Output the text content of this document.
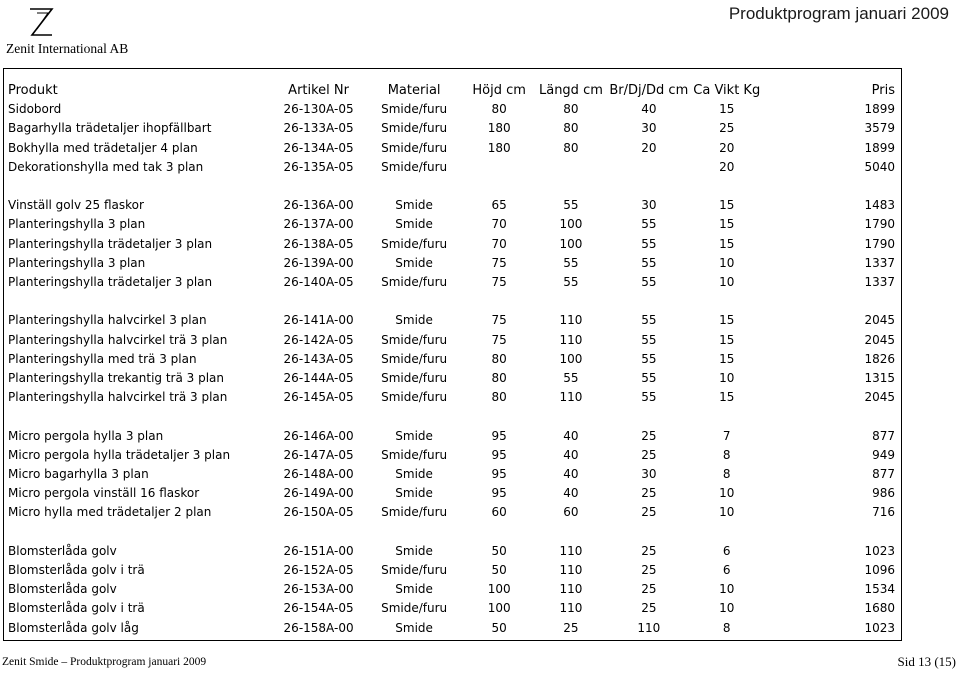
Produktprogram januari 2009
Zenit International AB
Produkt	Artikel Nr	Material	Höjd cm	Längd cm	Br/Dj/Dd cm	Ca Vikt Kg	Pris
Sidobord	26-130A-05	Smide/furu	80	80	40	15	1899
Bagarhylla trädetaljer ihopfällbart	26-133A-05	Smide/furu	180	80	30	25	3579
Bokhylla med trädetaljer 4 plan	26-134A-05	Smide/furu	180	80	20	20	1899
Dekorationshylla med tak 3 plan	26-135A-05	Smide/furu				20	5040

Vinställ golv 25 flaskor	26-136A-00	Smide	65	55	30	15	1483
Planteringshylla 3 plan	26-137A-00	Smide	70	100	55	15	1790
Planteringshylla trädetaljer 3 plan	26-138A-05	Smide/furu	70	100	55	15	1790
Planteringshylla 3 plan	26-139A-00	Smide	75	55	55	10	1337
Planteringshylla trädetaljer 3 plan	26-140A-05	Smide/furu	75	55	55	10	1337

Planteringshylla halvcirkel 3 plan	26-141A-00	Smide	75	110	55	15	2045
Planteringshylla halvcirkel trä 3 plan	26-142A-05	Smide/furu	75	110	55	15	2045
Planteringshylla med trä 3 plan	26-143A-05	Smide/furu	80	100	55	15	1826
Planteringshylla trekantig trä 3 plan	26-144A-05	Smide/furu	80	55	55	10	1315
Planteringshylla halvcirkel trä 3 plan	26-145A-05	Smide/furu	80	110	55	15	2045

Micro pergola hylla 3 plan	26-146A-00	Smide	95	40	25	7	877
Micro pergola hylla trädetaljer 3 plan	26-147A-05	Smide/furu	95	40	25	8	949
Micro bagarhylla 3 plan	26-148A-00	Smide	95	40	30	8	877
Micro pergola vinställ 16 flaskor	26-149A-00	Smide	95	40	25	10	986
Micro hylla med trädetaljer 2 plan	26-150A-05	Smide/furu	60	60	25	10	716

Blomsterlåda golv	26-151A-00	Smide	50	110	25	6	1023
Blomsterlåda golv i trä	26-152A-05	Smide/furu	50	110	25	6	1096
Blomsterlåda golv	26-153A-00	Smide	100	110	25	10	1534
Blomsterlåda golv i trä	26-154A-05	Smide/furu	100	110	25	10	1680
Blomsterlåda golv låg	26-158A-00	Smide	50	25	110	8	1023
Zenit Smide – Produktprogram januari 2009	Sid 13 (15)
